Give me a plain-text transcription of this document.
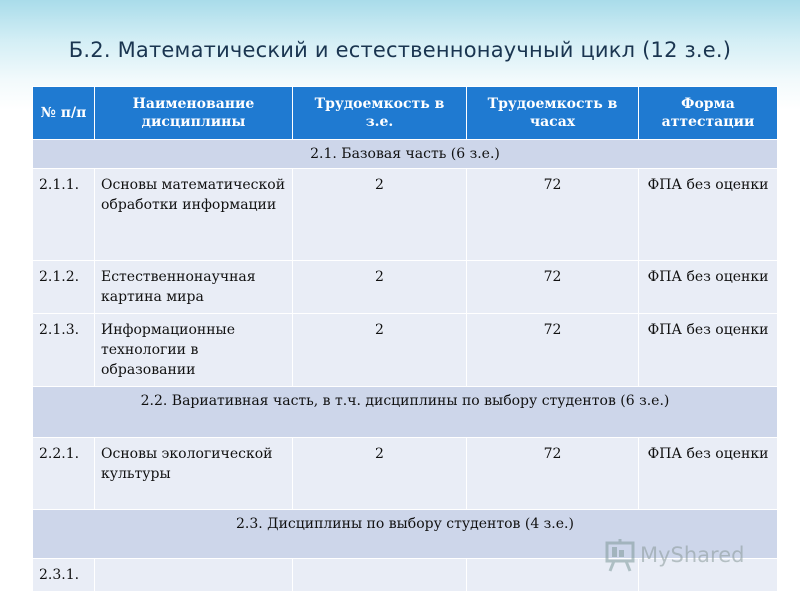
Б.2. Математический и естественнонаучный цикл (12 з.е.)
№ п/п	Наименование дисциплины	Трудоемкость в з.е.	Трудоемкость в часах	Форма аттестации
2.1. Базовая часть (6 з.е.)				
2.1.1.	Основы математической обработки информации	2	72	ФПА без оценки
2.1.2.	Естественнонаучная картина мира	2	72	ФПА без оценки
2.1.3.	Информационные технологии в образовании	2	72	ФПА без оценки
2.2. Вариативная часть, в т.ч. дисциплины по выбору студентов (6 з.е.)				
2.2.1.	Основы экологической культуры	2	72	ФПА без оценки
2.3. Дисциплины по выбору студентов (4 з.е.)				
2.3.1.				
MyShared
